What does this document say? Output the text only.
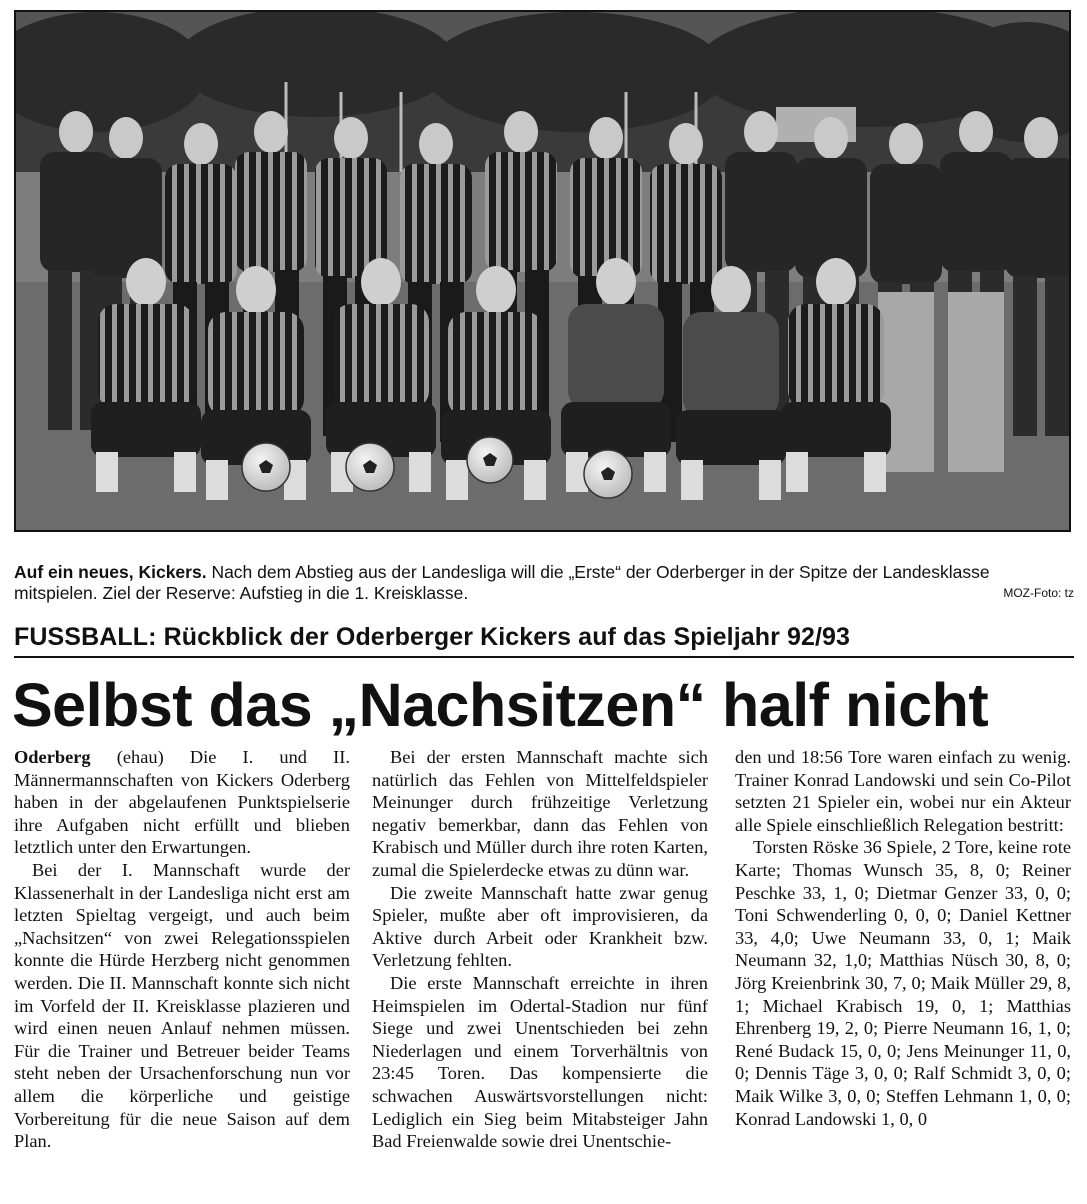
Auf ein neues, Kickers. Nach dem Abstieg aus der Landesliga will die „Erste“ der Oderberger in der Spitze der Landesklasse mitspielen. Ziel der Reserve: Aufstieg in die 1. Kreisklasse.	MOZ-Foto: tz
FUSSBALL: Rückblick der Oderberger Kickers auf das Spieljahr 92/93
Selbst das „Nachsitzen“ half nicht

Oderberg (ehau) Die I. und II. Männermannschaften von Kickers Oderberg haben in der abgelaufenen Punktspielserie ihre Aufgaben nicht erfüllt und blieben letztlich unter den Erwartungen.

Bei der I. Mannschaft wurde der Klassenerhalt in der Landesliga nicht erst am letzten Spieltag vergeigt, und auch beim „Nachsitzen“ von zwei Relegationsspielen konnte die Hürde Herzberg nicht genommen werden. Die II. Mannschaft konnte sich nicht im Vorfeld der II. Kreisklasse plazieren und wird einen neuen Anlauf nehmen müssen. Für die Trainer und Betreuer beider Teams steht neben der Ursachenforschung nun vor allem die körperliche und geistige Vorbereitung für die neue Saison auf dem Plan.

Bei der ersten Mannschaft machte sich natürlich das Fehlen von Mittelfeldspieler Meinunger durch frühzeitige Verletzung negativ bemerkbar, dann das Fehlen von Krabisch und Müller durch ihre roten Karten, zumal die Spielerdecke etwas zu dünn war.

Die zweite Mannschaft hatte zwar genug Spieler, mußte aber oft improvisieren, da Aktive durch Arbeit oder Krankheit bzw. Verletzung fehlten.

Die erste Mannschaft erreichte in ihren Heimspielen im Odertal-Stadion nur fünf Siege und zwei Unentschieden bei zehn Niederlagen und einem Torverhältnis von 23:45 Toren. Das kompensierte die schwachen Auswärtsvorstellungen nicht: Lediglich ein Sieg beim Mitabsteiger Jahn Bad Freienwalde sowie drei Unentschie-

den und 18:56 Tore waren einfach zu wenig. Trainer Konrad Landowski und sein Co-Pilot setzten 21 Spieler ein, wobei nur ein Akteur alle Spiele einschließlich Relegation bestritt:

Torsten Röske 36 Spiele, 2 Tore, keine rote Karte; Thomas Wunsch 35, 8, 0; Reiner Peschke 33, 1, 0; Dietmar Genzer 33, 0, 0; Toni Schwenderling 0, 0, 0; Daniel Kettner 33, 4,0; Uwe Neumann 33, 0, 1; Maik Neumann 32, 1,0; Matthias Nüsch 30, 8, 0; Jörg Kreienbrink 30, 7, 0; Maik Müller 29, 8, 1; Michael Krabisch 19, 0, 1; Matthias Ehrenberg 19, 2, 0; Pierre Neumann 16, 1, 0; René Budack 15, 0, 0; Jens Meinunger 11, 0, 0; Dennis Täge 3, 0, 0; Ralf Schmidt 3, 0, 0; Maik Wilke 3, 0, 0; Steffen Lehmann 1, 0, 0; Konrad Landowski 1, 0, 0
